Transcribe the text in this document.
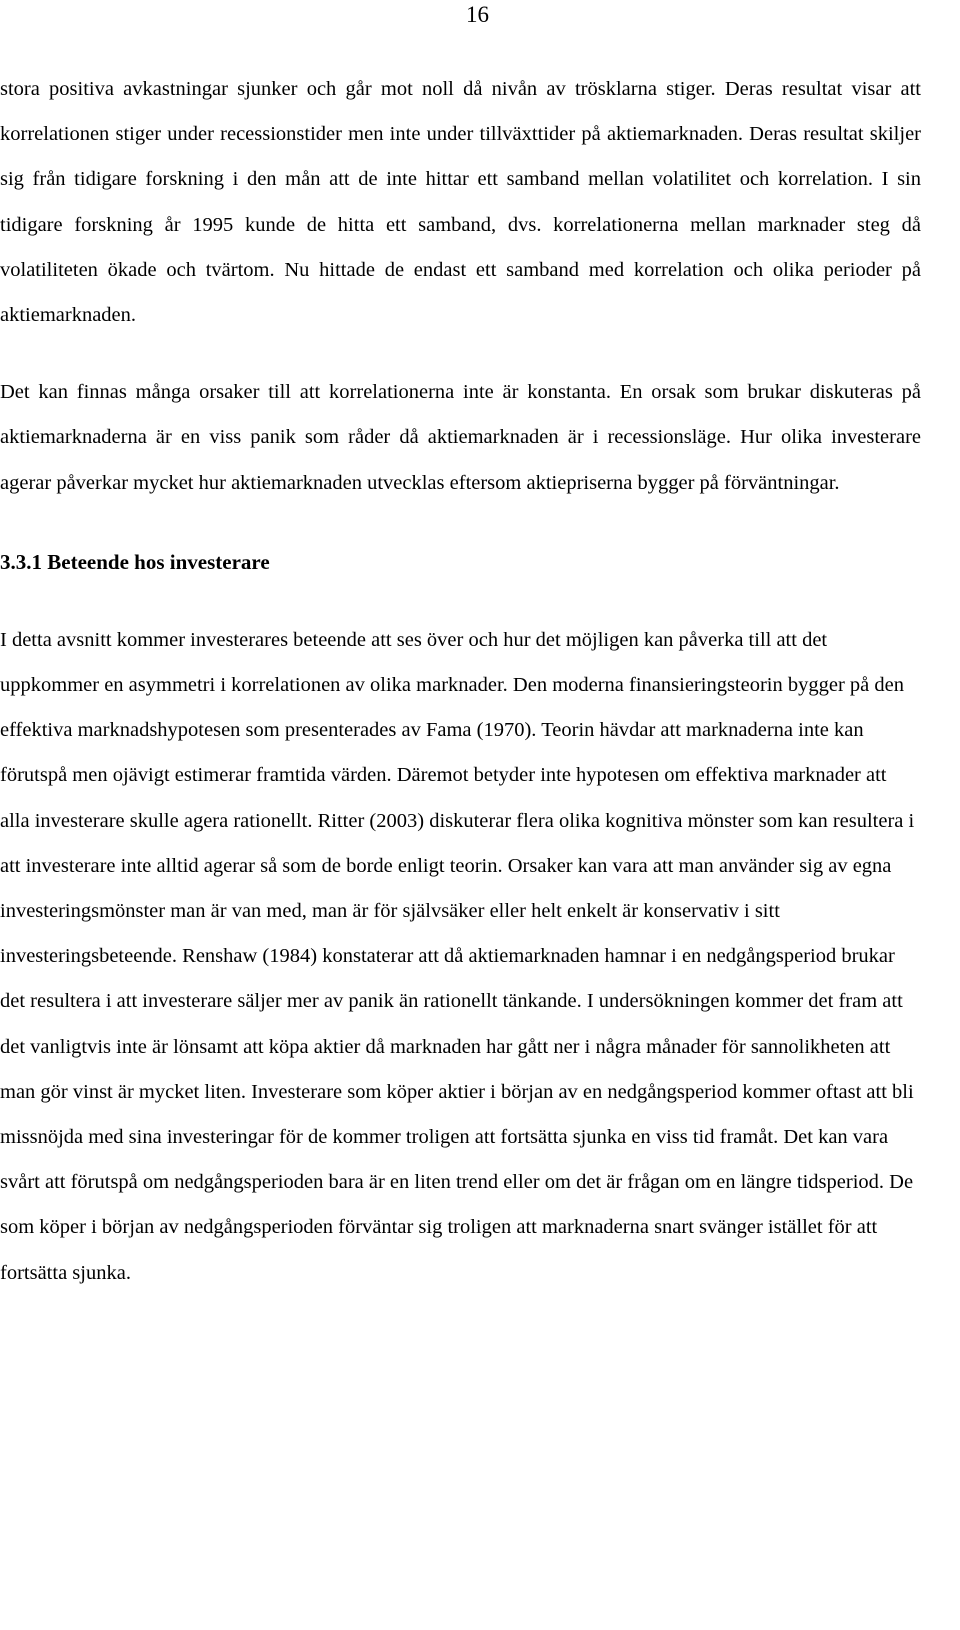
16

stora positiva avkastningar sjunker och går mot noll då nivån av trösklarna stiger. Deras resultat visar att korrelationen stiger under recessionstider men inte under tillväxttider på aktiemarknaden. Deras resultat skiljer sig från tidigare forskning i den mån att de inte hittar ett samband mellan volatilitet och korrelation. I sin tidigare forskning år 1995 kunde de hitta ett samband, dvs. korrelationerna mellan marknader steg då volatiliteten ökade och tvärtom. Nu hittade de endast ett samband med korrelation och olika perioder på aktiemarknaden.

Det kan finnas många orsaker till att korrelationerna inte är konstanta. En orsak som brukar diskuteras på aktiemarknaderna är en viss panik som råder då aktiemarknaden är i recessionsläge. Hur olika investerare agerar påverkar mycket hur aktiemarknaden utvecklas eftersom aktiepriserna bygger på förväntningar.

3.3.1 Beteende hos investerare

I detta avsnitt kommer investerares beteende att ses över och hur det möjligen kan påverka till att det uppkommer en asymmetri i korrelationen av olika marknader. Den moderna finansieringsteorin bygger på den effektiva marknadshypotesen som presenterades av Fama (1970). Teorin hävdar att marknaderna inte kan förutspå men ojävigt estimerar framtida värden. Däremot betyder inte hypotesen om effektiva marknader att alla investerare skulle agera rationellt. Ritter (2003) diskuterar flera olika kognitiva mönster som kan resultera i att investerare inte alltid agerar så som de borde enligt teorin. Orsaker kan vara att man använder sig av egna investeringsmönster man är van med, man är för självsäker eller helt enkelt är konservativ i sitt investeringsbeteende. Renshaw (1984) konstaterar att då aktiemarknaden hamnar i en nedgångsperiod brukar det resultera i att investerare säljer mer av panik än rationellt tänkande. I undersökningen kommer det fram att det vanligtvis inte är lönsamt att köpa aktier då marknaden har gått ner i några månader för sannolikheten att man gör vinst är mycket liten. Investerare som köper aktier i början av en nedgångsperiod kommer oftast att bli missnöjda med sina investeringar för de kommer troligen att fortsätta sjunka en viss tid framåt. Det kan vara svårt att förutspå om nedgångsperioden bara är en liten trend eller om det är frågan om en längre tidsperiod. De som köper i början av nedgångsperioden förväntar sig troligen att marknaderna snart svänger istället för att fortsätta sjunka.
